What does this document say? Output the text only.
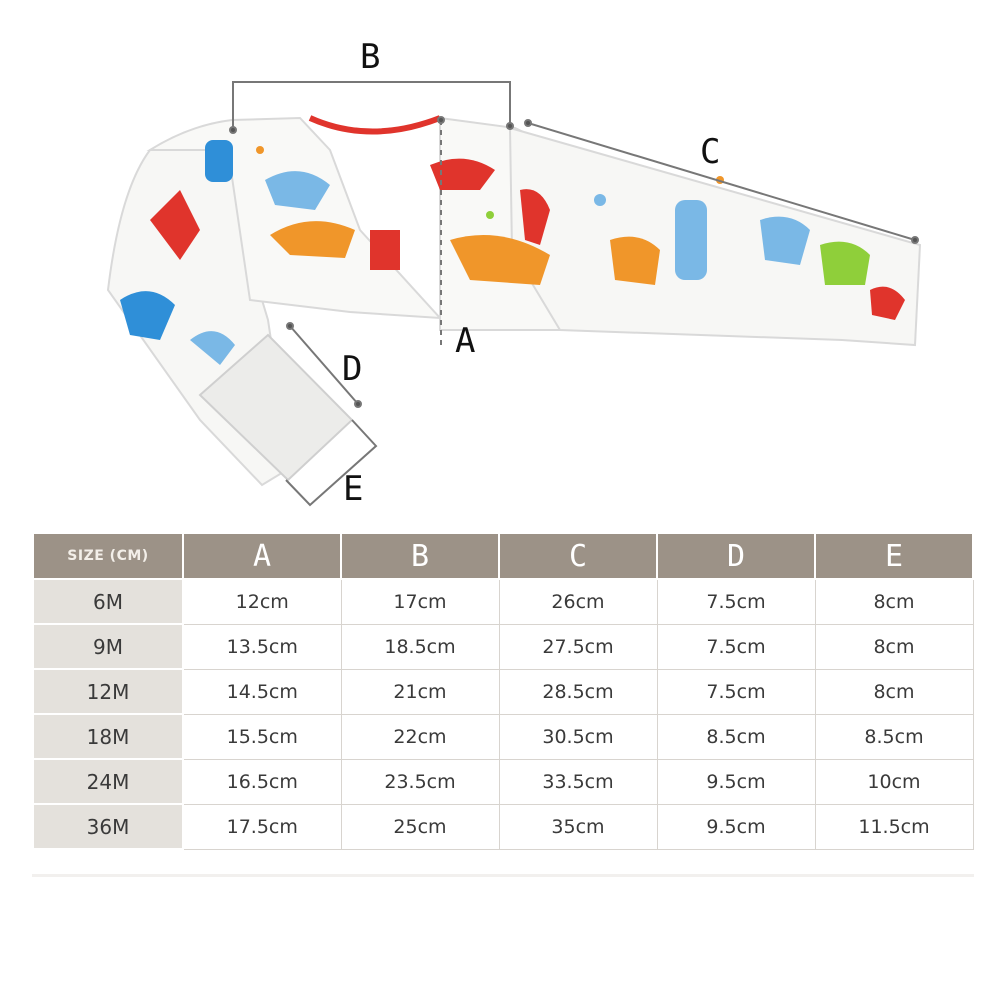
B
C
A
D
E
SIZE (CM)	A	B	C	D	E
6M	12cm	17cm	26cm	7.5cm	8cm
9M	13.5cm	18.5cm	27.5cm	7.5cm	8cm
12M	14.5cm	21cm	28.5cm	7.5cm	8cm
18M	15.5cm	22cm	30.5cm	8.5cm	8.5cm
24M	16.5cm	23.5cm	33.5cm	9.5cm	10cm
36M	17.5cm	25cm	35cm	9.5cm	11.5cm
